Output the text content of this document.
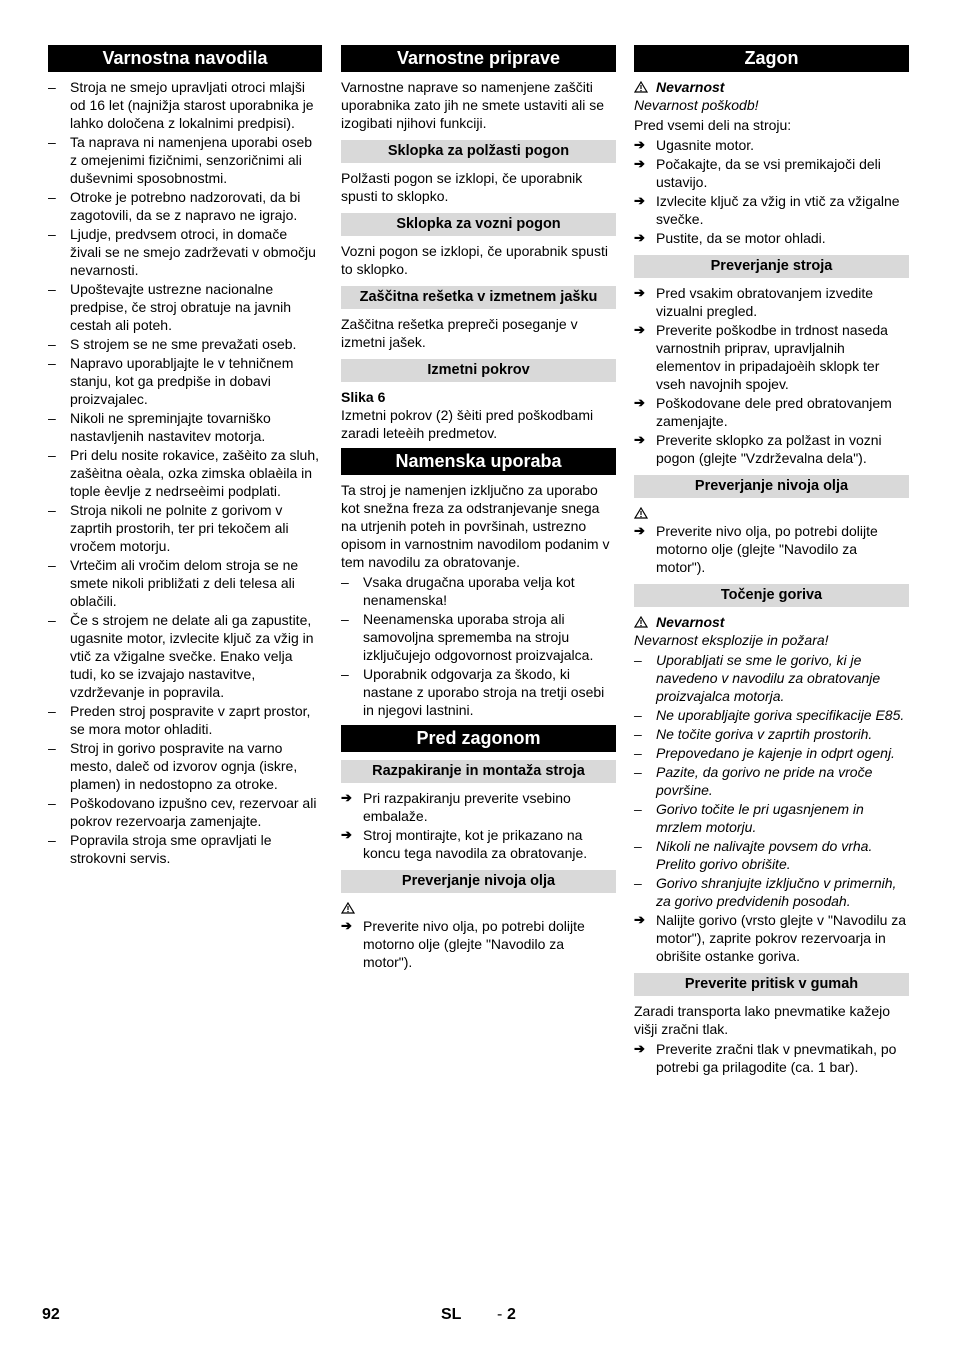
Varnostna navodila
– Stroja ne smejo upravljati otroci mlajši od 16 let (najnižja starost uporabnika je lahko določena z lokalnimi predpisi).
– Ta naprava ni namenjena uporabi oseb z omejenimi fizičnimi, senzoričnimi ali duševnimi sposobnostmi.
– Otroke je potrebno nadzorovati, da bi zagotovili, da se z napravo ne igrajo.
– Ljudje, predvsem otroci, in domače živali se ne smejo zadrževati v območju nevarnosti.
– Upoštevajte ustrezne nacionalne predpise, če stroj obratuje na javnih cestah ali poteh.
– S strojem se ne sme prevažati oseb.
– Napravo uporabljajte le v tehničnem stanju, kot ga predpiše in dobavi proizvajalec.
– Nikoli ne spreminjajte tovarniško nastavljenih nastavitev motorja.
– Pri delu nosite rokavice, zašèito za sluh, zašèitna oèala, ozka zimska oblaèila in tople èevlje z nedrseèimi podplati.
– Stroja nikoli ne polnite z gorivom v zaprtih prostorih, ter pri tekočem ali vročem motorju.
– Vrtečim ali vročim delom stroja se ne smete nikoli približati z deli telesa ali oblačili.
– Če s strojem ne delate ali ga zapustite, ugasnite motor, izvlecite ključ za vžig in vtič za vžigalne svečke. Enako velja tudi, ko se izvajajo nastavitve, vzdrževanje in popravila.
– Preden stroj pospravite v zaprt prostor, se mora motor ohladiti.
– Stroj in gorivo pospravite na varno mesto, daleč od izvorov ognja (iskre, plamen) in nedostopno za otroke.
– Poškodovano izpušno cev, rezervoar ali pokrov rezervoarja zamenjajte.
– Popravila stroja sme opravljati le strokovni servis.
Varnostne priprave

Varnostne naprave so namenjene zaščiti uporabnika zato jih ne smete ustaviti ali se izogibati njihovi funkciji.

Sklopka za polžasti pogon

Polžasti pogon se izklopi, če uporabnik spusti to sklopko.

Sklopka za vozni pogon

Vozni pogon se izklopi, če uporabnik spusti to sklopko.

Zaščitna rešetka v izmetnem jašku

Zaščitna rešetka prepreči poseganje v izmetni jašek.

Izmetni pokrov

Slika 6

Izmetni pokrov (2) šèiti pred poškodbami zaradi leteèih predmetov.

Namenska uporaba

Ta stroj je namenjen izključno za uporabo kot snežna freza za odstranjevanje snega na utrjenih poteh in površinah, ustrezno opisom in varnostnim navodilom podanim v tem navodilu za obratovanje.

– Vsaka drugačna uporaba velja kot nenamenska!
– Neenamenska uporaba stroja ali samovoljna sprememba na stroju izključujejo odgovornost proizvajalca.
– Uporabnik odgovarja za škodo, ki nastane z uporabo stroja na tretji osebi in njegovi lastnini.
Pred zagonom
Razpakiranje in montaža stroja
➔ Pri razpakiranju preverite vsebino embalaže.
➔ Stroj montirajte, kot je prikazano na koncu tega navodila za obratovanje.
Preverjanje nivoja olja
➔ Preverite nivo olja, po potrebi dolijte motorno olje (glejte "Navodilo za motor").
Zagon
Nevarnost

Nevarnost poškodb!

Pred vsemi deli na stroju:

➔ Ugasnite motor.
➔ Počakajte, da se vsi premikajoči deli ustavijo.
➔ Izvlecite ključ za vžig in vtič za vžigalne svečke.
➔ Pustite, da se motor ohladi.
Preverjanje stroja
➔ Pred vsakim obratovanjem izvedite vizualni pregled.
➔ Preverite poškodbe in trdnost naseda varnostnih priprav, upravljalnih elementov in pripadajoèih sklopk ter vseh navojnih spojev.
➔ Poškodovane dele pred obratovanjem zamenjajte.
➔ Preverite sklopko za polžast in vozni pogon (glejte "Vzdrževalna dela").
Preverjanje nivoja olja
➔ Preverite nivo olja, po potrebi dolijte motorno olje (glejte "Navodilo za motor").
Točenje goriva
Nevarnost

Nevarnost eksplozije in požara!

– Uporabljati se sme le gorivo, ki je navedeno v navodilu za obratovanje proizvajalca motorja.
– Ne uporabljajte goriva specifikacije E85.
– Ne točite goriva v zaprtih prostorih.
– Prepovedano je kajenje in odprt ogenj.
– Pazite, da gorivo ne pride na vroče površine.
– Gorivo točite le pri ugasnjenem in mrzlem motorju.
– Nikoli ne nalivajte povsem do vrha. Prelito gorivo obrišite.
– Gorivo shranjujte izključno v primernih, za gorivo predvidenih posodah.
➔ Nalijte gorivo (vrsto glejte v "Navodilu za motor"), zaprite pokrov rezervoarja in obrišite ostanke goriva.
Preverite pritisk v gumah

Zaradi transporta lako pnevmatike kažejo višji zračni tlak.

➔ Preverite zračni tlak v pnevmatikah, po potrebi ga prilagodite (ca. 1 bar).
92	SL - 2
